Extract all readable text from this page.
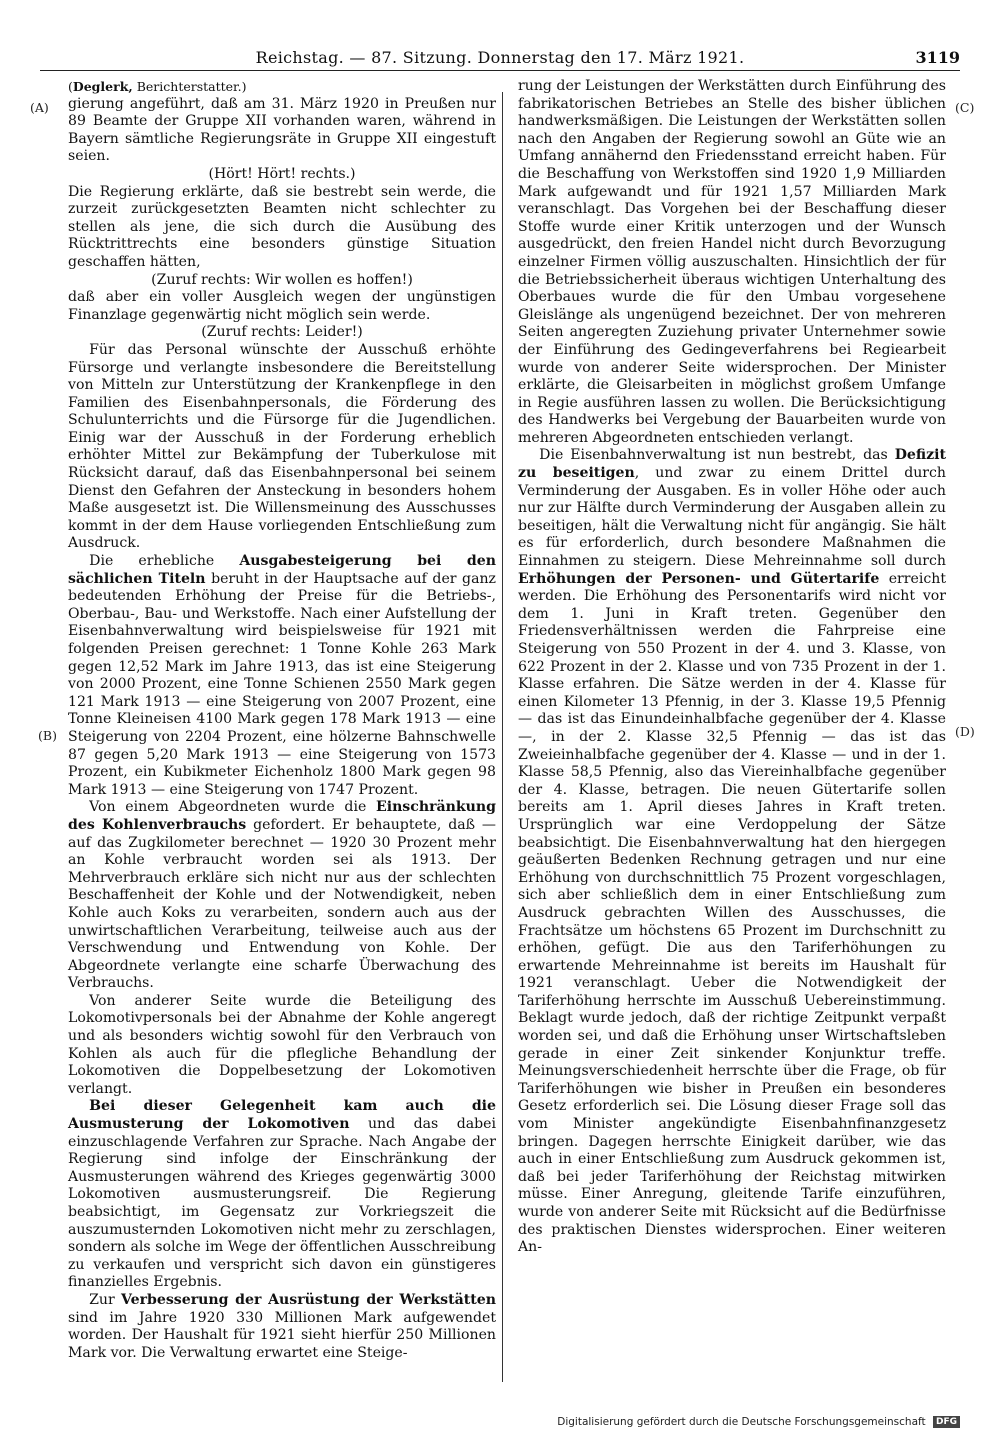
Reichstag. — 87. Sitzung. Donnerstag den 17. März 1921.	3119
(A)
(B)
(C)
(D)

(Deglerk, Berichterstatter.)

gierung angeführt, daß am 31. März 1920 in Preußen nur 89 Beamte der Gruppe XII vorhanden waren, während in Bayern sämtliche Regierungsräte in Gruppe XII eingestuft seien.

(Hört! Hört! rechts.)

Die Regierung erklärte, daß sie bestrebt sein werde, die zurzeit zurückgesetzten Beamten nicht schlechter zu stellen als jene, die sich durch die Ausübung des Rücktrittrechts eine besonders günstige Situation geschaffen hätten,

(Zuruf rechts: Wir wollen es hoffen!)

daß aber ein voller Ausgleich wegen der ungünstigen Finanzlage gegenwärtig nicht möglich sein werde.

(Zuruf rechts: Leider!)

Für das Personal wünschte der Ausschuß erhöhte Fürsorge und verlangte insbesondere die Bereitstellung von Mitteln zur Unterstützung der Krankenpflege in den Familien des Eisenbahnpersonals, die Förderung des Schulunterrichts und die Fürsorge für die Jugendlichen. Einig war der Ausschuß in der Forderung erheblich erhöhter Mittel zur Bekämpfung der Tuberkulose mit Rücksicht darauf, daß das Eisenbahnpersonal bei seinem Dienst den Gefahren der Ansteckung in besonders hohem Maße ausgesetzt ist. Die Willensmeinung des Ausschusses kommt in der dem Hause vorliegenden Entschließung zum Ausdruck.

Die erhebliche Ausgabesteigerung bei den sächlichen Titeln beruht in der Hauptsache auf der ganz bedeutenden Erhöhung der Preise für die Betriebs-, Oberbau-, Bau- und Werkstoffe. Nach einer Aufstellung der Eisenbahnverwaltung wird beispielsweise für 1921 mit folgenden Preisen gerechnet: 1 Tonne Kohle 263 Mark gegen 12,52 Mark im Jahre 1913, das ist eine Steigerung von 2000 Prozent, eine Tonne Schienen 2550 Mark gegen 121 Mark 1913 — eine Steigerung von 2007 Prozent, eine Tonne Kleineisen 4100 Mark gegen 178 Mark 1913 — eine Steigerung von 2204 Prozent, eine hölzerne Bahnschwelle 87 gegen 5,20 Mark 1913 — eine Steigerung von 1573 Prozent, ein Kubikmeter Eichenholz 1800 Mark gegen 98 Mark 1913 — eine Steigerung von 1747 Prozent.

Von einem Abgeordneten wurde die Einschränkung des Kohlenverbrauchs gefordert. Er behauptete, daß — auf das Zugkilometer berechnet — 1920 30 Prozent mehr an Kohle verbraucht worden sei als 1913. Der Mehrverbrauch erkläre sich nicht nur aus der schlechten Beschaffenheit der Kohle und der Notwendigkeit, neben Kohle auch Koks zu verarbeiten, sondern auch aus der unwirtschaftlichen Verarbeitung, teilweise auch aus der Verschwendung und Entwendung von Kohle. Der Abgeordnete verlangte eine scharfe Überwachung des Verbrauchs.

Von anderer Seite wurde die Beteiligung des Lokomotivpersonals bei der Abnahme der Kohle angeregt und als besonders wichtig sowohl für den Verbrauch von Kohlen als auch für die pflegliche Behandlung der Lokomotiven die Doppelbesetzung der Lokomotiven verlangt.

Bei dieser Gelegenheit kam auch die Ausmusterung der Lokomotiven und das dabei einzuschlagende Verfahren zur Sprache. Nach Angabe der Regierung sind infolge der Einschränkung der Ausmusterungen während des Krieges gegenwärtig 3000 Lokomotiven ausmusterungsreif. Die Regierung beabsichtigt, im Gegensatz zur Vorkriegszeit die auszumusternden Lokomotiven nicht mehr zu zerschlagen, sondern als solche im Wege der öffentlichen Ausschreibung zu verkaufen und verspricht sich davon ein günstigeres finanzielles Ergebnis.

Zur Verbesserung der Ausrüstung der Werkstätten sind im Jahre 1920 330 Millionen Mark aufgewendet worden. Der Haushalt für 1921 sieht hierfür 250 Millionen Mark vor. Die Verwaltung erwartet eine Steige-

rung der Leistungen der Werkstätten durch Einführung des fabrikatorischen Betriebes an Stelle des bisher üblichen handwerksmäßigen. Die Leistungen der Werkstätten sollen nach den Angaben der Regierung sowohl an Güte wie an Umfang annähernd den Friedensstand erreicht haben. Für die Beschaffung von Werkstoffen sind 1920 1,9 Milliarden Mark aufgewandt und für 1921 1,57 Milliarden Mark veranschlagt. Das Vorgehen bei der Beschaffung dieser Stoffe wurde einer Kritik unterzogen und der Wunsch ausgedrückt, den freien Handel nicht durch Bevorzugung einzelner Firmen völlig auszuschalten. Hinsichtlich der für die Betriebssicherheit überaus wichtigen Unterhaltung des Oberbaues wurde die für den Umbau vorgesehene Gleislänge als ungenügend bezeichnet. Der von mehreren Seiten angeregten Zuziehung privater Unternehmer sowie der Einführung des Gedingeverfahrens bei Regiearbeit wurde von anderer Seite widersprochen. Der Minister erklärte, die Gleisarbeiten in möglichst großem Umfange in Regie ausführen lassen zu wollen. Die Berücksichtigung des Handwerks bei Vergebung der Bauarbeiten wurde von mehreren Abgeordneten entschieden verlangt.

Die Eisenbahnverwaltung ist nun bestrebt, das Defizit zu beseitigen, und zwar zu einem Drittel durch Verminderung der Ausgaben. Es in voller Höhe oder auch nur zur Hälfte durch Verminderung der Ausgaben allein zu beseitigen, hält die Verwaltung nicht für angängig. Sie hält es für erforderlich, durch besondere Maßnahmen die Einnahmen zu steigern. Diese Mehreinnahme soll durch Erhöhungen der Personen- und Gütertarife erreicht werden. Die Erhöhung des Personentarifs wird nicht vor dem 1. Juni in Kraft treten. Gegenüber den Friedensverhältnissen werden die Fahrpreise eine Steigerung von 550 Prozent in der 4. und 3. Klasse, von 622 Prozent in der 2. Klasse und von 735 Prozent in der 1. Klasse erfahren. Die Sätze werden in der 4. Klasse für einen Kilometer 13 Pfennig, in der 3. Klasse 19,5 Pfennig — das ist das Einundeinhalbfache gegenüber der 4. Klasse —, in der 2. Klasse 32,5 Pfennig — das ist das Zweieinhalbfache gegenüber der 4. Klasse — und in der 1. Klasse 58,5 Pfennig, also das Viereinhalbfache gegenüber der 4. Klasse, betragen. Die neuen Gütertarife sollen bereits am 1. April dieses Jahres in Kraft treten. Ursprünglich war eine Verdoppelung der Sätze beabsichtigt. Die Eisenbahnverwaltung hat den hiergegen geäußerten Bedenken Rechnung getragen und nur eine Erhöhung von durchschnittlich 75 Prozent vorgeschlagen, sich aber schließlich dem in einer Entschließung zum Ausdruck gebrachten Willen des Ausschusses, die Frachtsätze um höchstens 65 Prozent im Durchschnitt zu erhöhen, gefügt. Die aus den Tariferhöhungen zu erwartende Mehreinnahme ist bereits im Haushalt für 1921 veranschlagt. Ueber die Notwendigkeit der Tariferhöhung herrschte im Ausschuß Uebereinstimmung. Beklagt wurde jedoch, daß der richtige Zeitpunkt verpaßt worden sei, und daß die Erhöhung unser Wirtschaftsleben gerade in einer Zeit sinkender Konjunktur treffe. Meinungsverschiedenheit herrschte über die Frage, ob für Tariferhöhungen wie bisher in Preußen ein besonderes Gesetz erforderlich sei. Die Lösung dieser Frage soll das vom Minister angekündigte Eisenbahnfinanzgesetz bringen. Dagegen herrschte Einigkeit darüber, wie das auch in einer Entschließung zum Ausdruck gekommen ist, daß bei jeder Tariferhöhung der Reichstag mitwirken müsse. Einer Anregung, gleitende Tarife einzuführen, wurde von anderer Seite mit Rücksicht auf die Bedürfnisse des praktischen Dienstes widersprochen. Einer weiteren An-

Digitalisierung gefördert durch die Deutsche Forschungsgemeinschaft DFG
